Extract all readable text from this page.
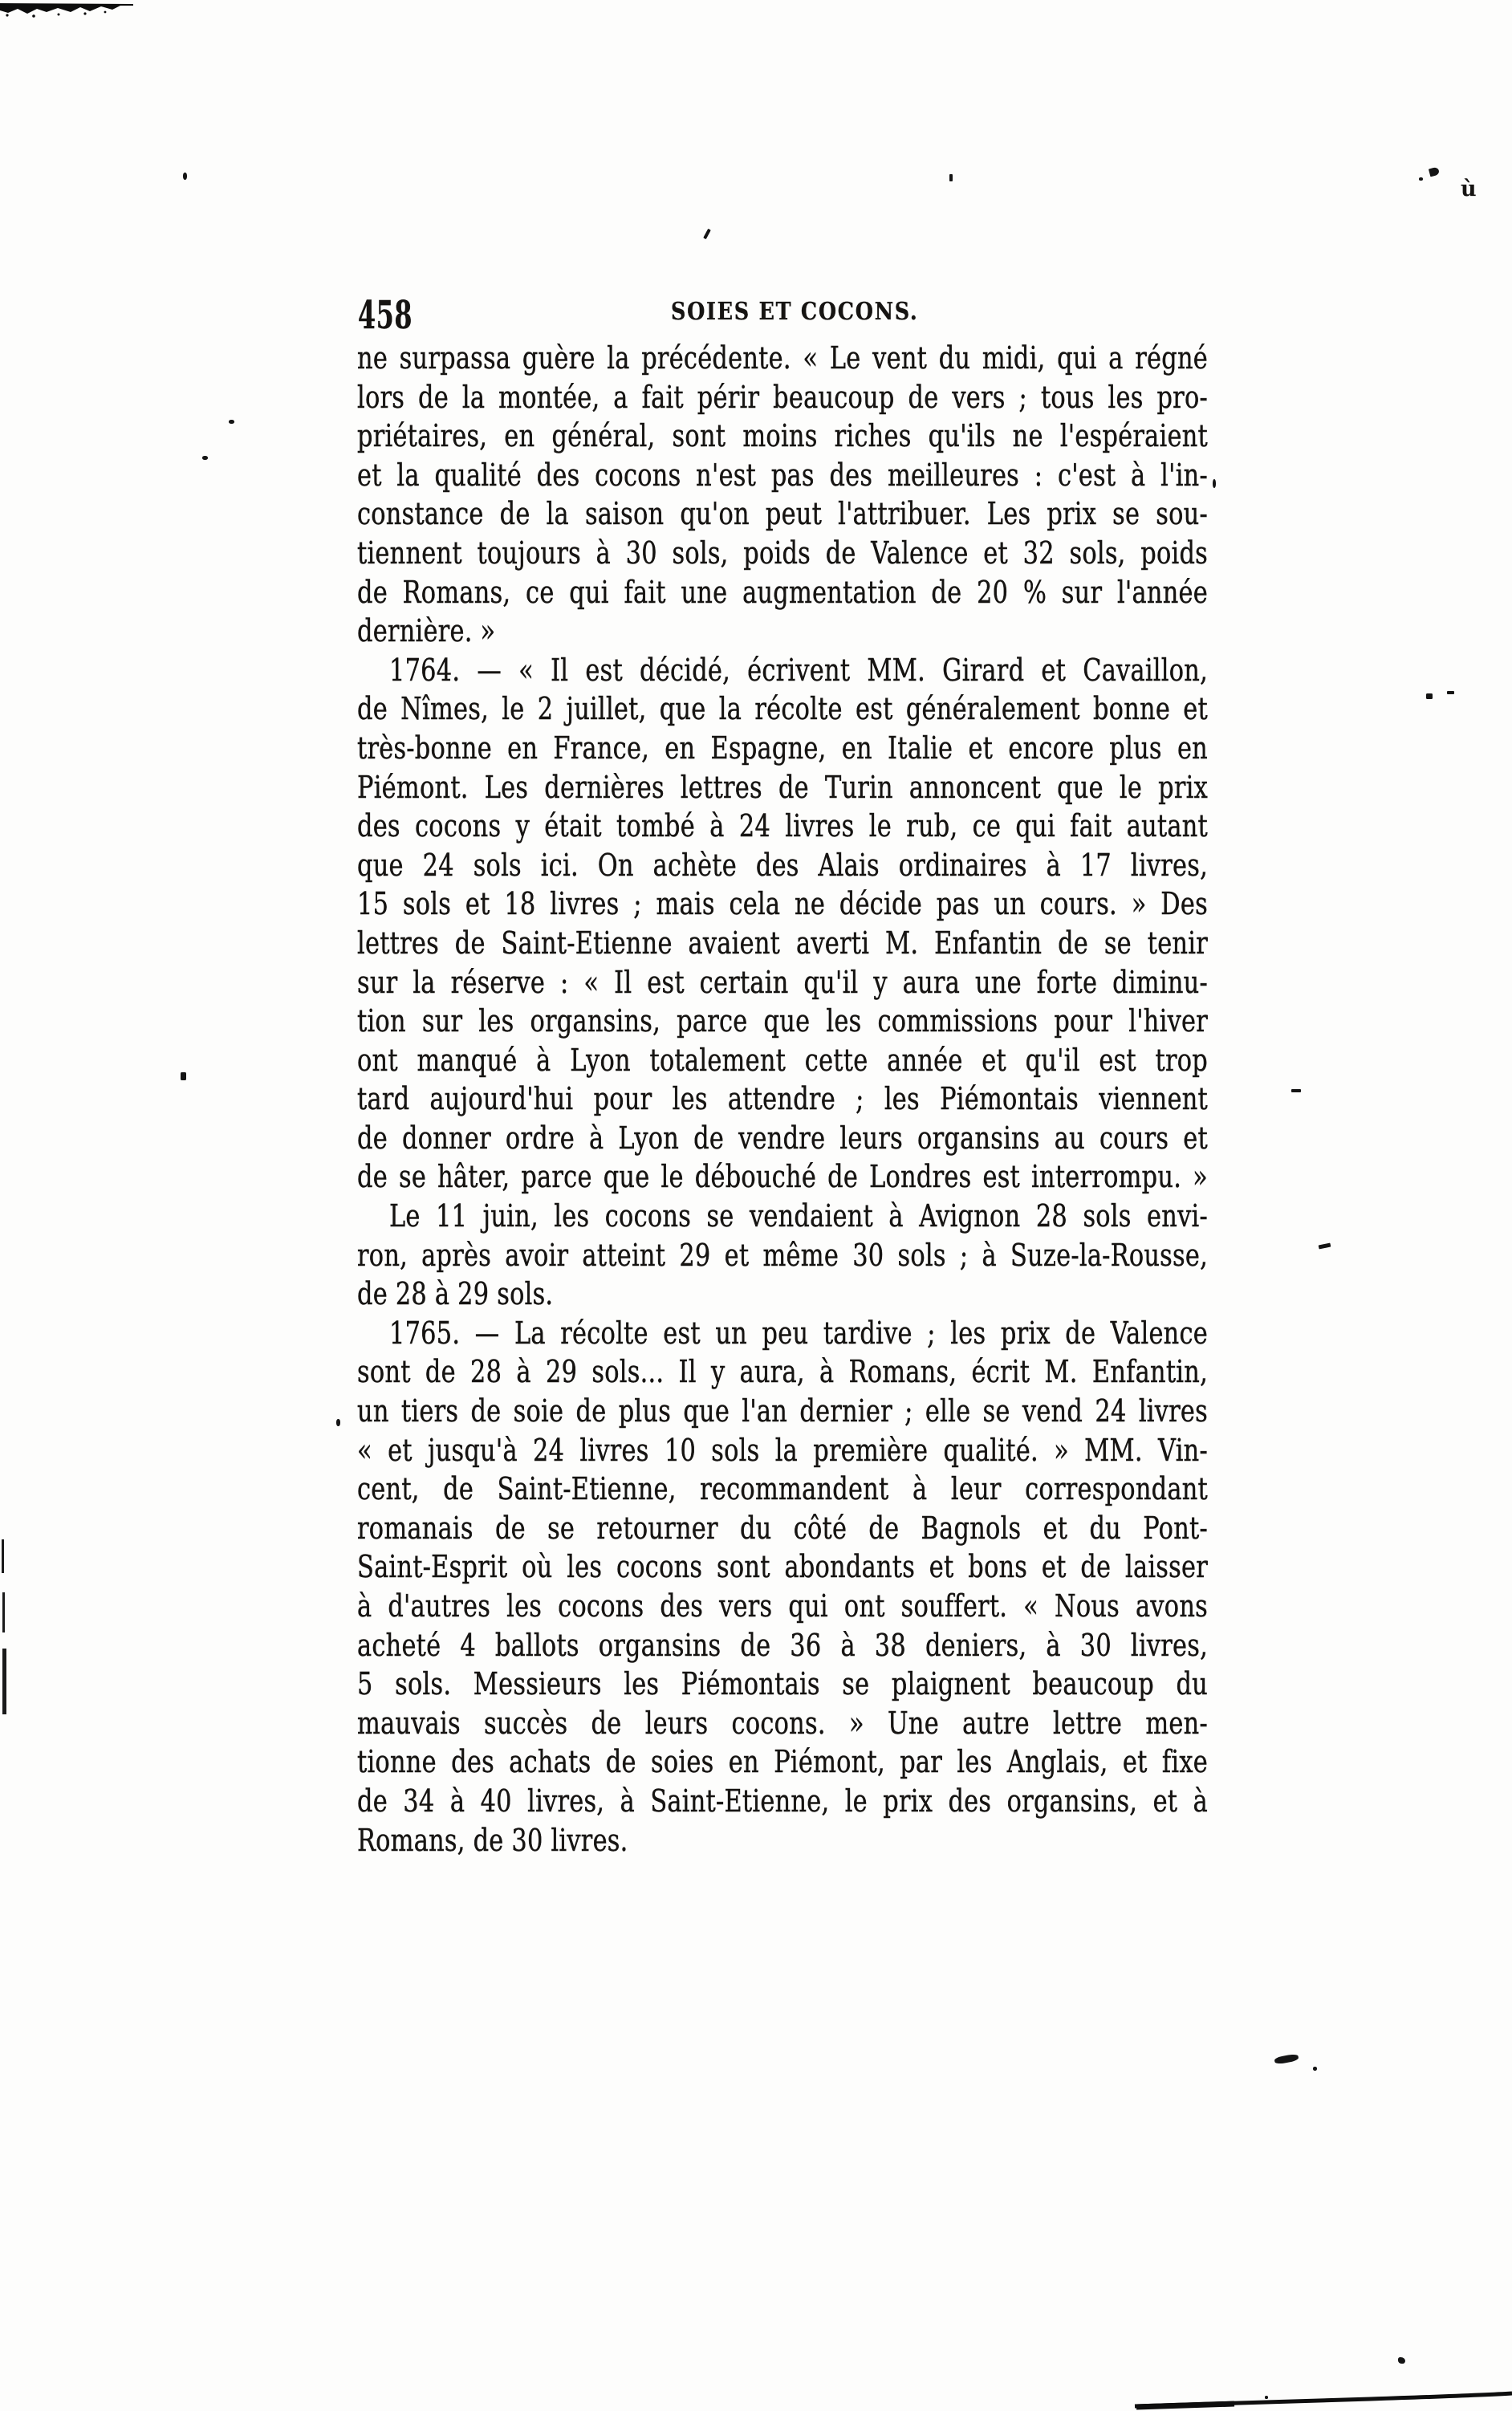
458	SOIES ET COCONS.
ne surpassa guère la précédente. « Le vent du midi, qui a régné
lors de la montée, a fait périr beaucoup de vers ; tous les pro-
priétaires, en général, sont moins riches qu'ils ne l'espéraient
et la qualité des cocons n'est pas des meilleures : c'est à l'in-
constance de la saison qu'on peut l'attribuer. Les prix se sou-
tiennent toujours à 30 sols, poids de Valence et 32 sols, poids
de Romans, ce qui fait une augmentation de 20 % sur l'année
dernière. »
1764. — « Il est décidé, écrivent MM. Girard et Cavaillon,
de Nîmes, le 2 juillet, que la récolte est généralement bonne et
très-bonne en France, en Espagne, en Italie et encore plus en
Piémont. Les dernières lettres de Turin annoncent que le prix
des cocons y était tombé à 24 livres le rub, ce qui fait autant
que 24 sols ici. On achète des Alais ordinaires à 17 livres,
15 sols et 18 livres ; mais cela ne décide pas un cours. » Des
lettres de Saint-Etienne avaient averti M. Enfantin de se tenir
sur la réserve : « Il est certain qu'il y aura une forte diminu-
tion sur les organsins, parce que les commissions pour l'hiver
ont manqué à Lyon totalement cette année et qu'il est trop
tard aujourd'hui pour les attendre ; les Piémontais viennent
de donner ordre à Lyon de vendre leurs organsins au cours et
de se hâter, parce que le débouché de Londres est interrompu. »
Le 11 juin, les cocons se vendaient à Avignon 28 sols envi-
ron, après avoir atteint 29 et même 30 sols ; à Suze-la-Rousse,
de 28 à 29 sols.
1765. — La récolte est un peu tardive ; les prix de Valence
sont de 28 à 29 sols... Il y aura, à Romans, écrit M. Enfantin,
un tiers de soie de plus que l'an dernier ; elle se vend 24 livres
« et jusqu'à 24 livres 10 sols la première qualité. » MM. Vin-
cent, de Saint-Etienne, recommandent à leur correspondant
romanais de se retourner du côté de Bagnols et du Pont-
Saint-Esprit où les cocons sont abondants et bons et de laisser
à d'autres les cocons des vers qui ont souffert. « Nous avons
acheté 4 ballots organsins de 36 à 38 deniers, à 30 livres,
5 sols. Messieurs les Piémontais se plaignent beaucoup du
mauvais succès de leurs cocons. » Une autre lettre men-
tionne des achats de soies en Piémont, par les Anglais, et fixe
de 34 à 40 livres, à Saint-Etienne, le prix des organsins, et à
Romans, de 30 livres.
ù
